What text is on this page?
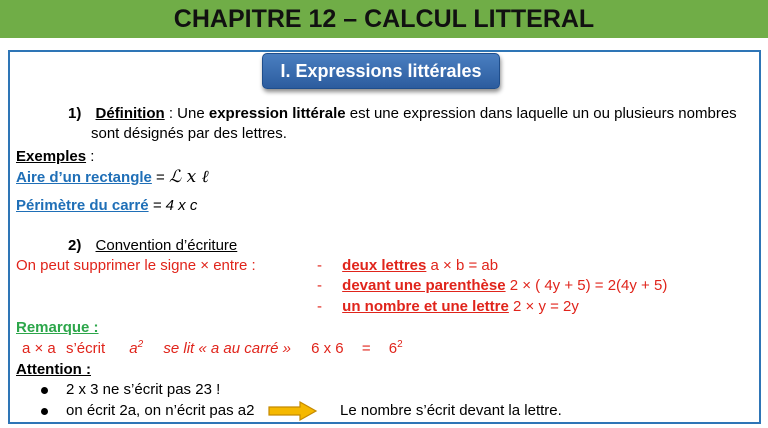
CHAPITRE 12 – CALCUL LITTERAL
I. Expressions littérales
1) Définition : Une expression littérale est une expression dans laquelle un ou plusieurs nombres
sont désignés par des lettres.
Exemples :
Aire d’un rectangle = ℒ x ℓ
Périmètre du carré = 4 x c
2) Convention d’écriture
On peut supprimer le signe × entre :	- deux lettres a × b = ab
- devant une parenthèse 2 × ( 4y + 5) = 2(4y + 5)
- un nombre et une lettre 2 × y = 2y
Remarque :
a × a s’écrit $a^2$ se lit « a au carré » 6 x $6 = 6^2$
Attention :
2 x 3 ne s’écrit pas 23 !
on écrit 2a, on n’écrit pas a2	Le nombre s’écrit devant la lettre.
